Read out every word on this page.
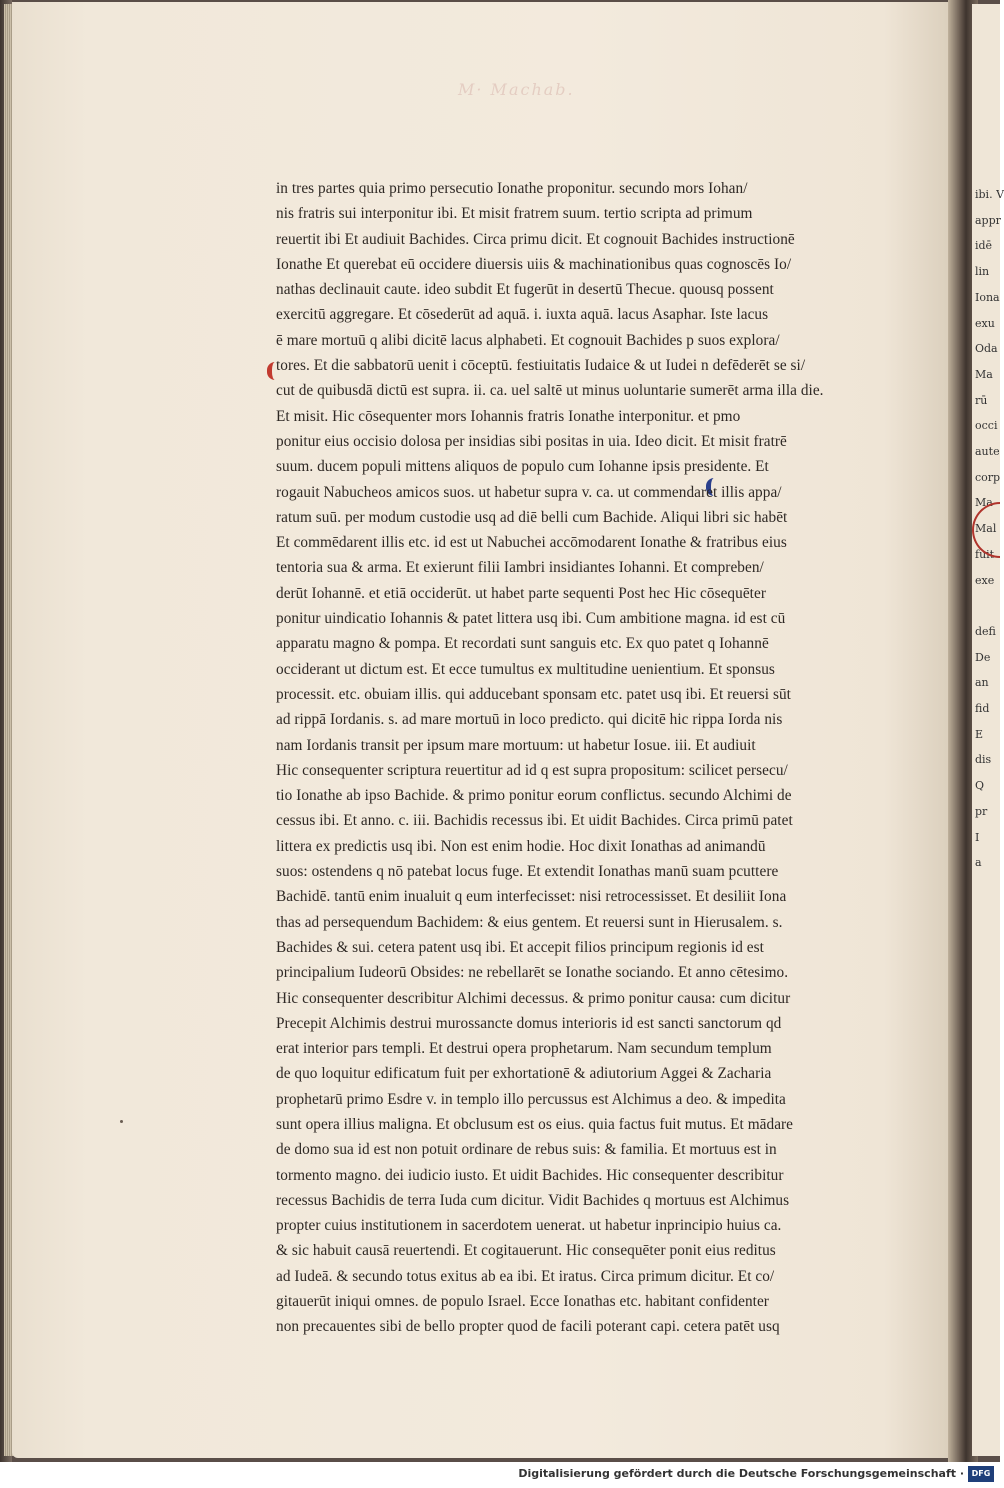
M· Machab.
ibi. V
appr
idē
lin
Iona
exu
Oda
Ma
rū
occi
aute
corp
Ma
Mal
fuit
exe

defi
De
an
fid
E
dis
Q
pr
I
a
in tres partes quia primo persecutio Ionathe proponitur. secundo mors Iohan/
nis fratris sui interponitur ibi. Et misit fratrem suum. tertio scripta ad primum
reuertit ibi Et audiuit Bachides. Circa primu dicit. Et cognouit Bachides instructionē
Ionathe Et querebat eū occidere diuersis uiis & machinationibus quas cognoscēs Io/
nathas declinauit caute. ideo subdit Et fugerūt in desertū Thecue. quousq possent
exercitū aggregare. Et cōsederūt ad aquā. i. iuxta aquā. lacus Asaphar. Iste lacus
ē mare mortuū q alibi dicitē lacus alphabeti. Et cognouit Bachides p suos explora/
tores. Et die sabbatorū uenit i cōceptū. festiuitatis Iudaice & ut Iudei n defēderēt se si/
cut de quibusdā dictū est supra. ii. ca. uel saltē ut minus uoluntarie sumerēt arma illa die.
Et misit. Hic cōsequenter mors Iohannis fratris Ionathe interponitur. et pmo
ponitur eius occisio dolosa per insidias sibi positas in uia. Ideo dicit. Et misit fratrē
suum. ducem populi mittens aliquos de populo cum Iohanne ipsis presidente. Et
rogauit Nabucheos amicos suos. ut habetur supra v. ca. ut commendaret illis appa/
ratum suū. per modum custodie usq ad diē belli cum Bachide. Aliqui libri sic habēt
Et commēdarent illis etc. id est ut Nabuchei accōmodarent Ionathe & fratribus eius
tentoria sua & arma. Et exierunt filii Iambri insidiantes Iohanni. Et compreben/
derūt Iohannē. et etiā occiderūt. ut habet parte sequenti Post hec Hic cōsequēter
ponitur uindicatio Iohannis & patet littera usq ibi. Cum ambitione magna. id est cū
apparatu magno & pompa. Et recordati sunt sanguis etc. Ex quo patet q Iohannē
occiderant ut dictum est. Et ecce tumultus ex multitudine uenientium. Et sponsus
processit. etc. obuiam illis. qui adducebant sponsam etc. patet usq ibi. Et reuersi sūt
ad rippā Iordanis. s. ad mare mortuū in loco predicto. qui dicitē hic rippa Iorda nis
nam Iordanis transit per ipsum mare mortuum: ut habetur Iosue. iii. Et audiuit
Hic consequenter scriptura reuertitur ad id q est supra propositum: scilicet persecu/
tio Ionathe ab ipso Bachide. & primo ponitur eorum conflictus. secundo Alchimi de
cessus ibi. Et anno. c. iii. Bachidis recessus ibi. Et uidit Bachides. Circa primū patet
littera ex predictis usq ibi. Non est enim hodie. Hoc dixit Ionathas ad animandū
suos: ostendens q nō patebat locus fuge. Et extendit Ionathas manū suam pcuttere
Bachidē. tantū enim inualuit q eum interfecisset: nisi retrocessisset. Et desiliit Iona
thas ad persequendum Bachidem: & eius gentem. Et reuersi sunt in Hierusalem. s.
Bachides & sui. cetera patent usq ibi. Et accepit filios principum regionis id est
principalium Iudeorū Obsides: ne rebellarēt se Ionathe sociando. Et anno cētesimo.
Hic consequenter describitur Alchimi decessus. & primo ponitur causa: cum dicitur
Precepit Alchimis destrui murossancte domus interioris id est sancti sanctorum qd
erat interior pars templi. Et destrui opera prophetarum. Nam secundum templum
de quo loquitur edificatum fuit per exhortationē & adiutorium Aggei & Zacharia
prophetarū primo Esdre v. in templo illo percussus est Alchimus a deo. & impedita
sunt opera illius maligna. Et obclusum est os eius. quia factus fuit mutus. Et mādare
de domo sua id est non potuit ordinare de rebus suis: & familia. Et mortuus est in
tormento magno. dei iudicio iusto. Et uidit Bachides. Hic consequenter describitur
recessus Bachidis de terra Iuda cum dicitur. Vidit Bachides q mortuus est Alchimus
propter cuius institutionem in sacerdotem uenerat. ut habetur inprincipio huius ca.
& sic habuit causā reuertendi. Et cogitauerunt. Hic consequēter ponit eius reditus
ad Iudeā. & secundo totus exitus ab ea ibi. Et iratus. Circa primum dicitur. Et co/
gitauerūt iniqui omnes. de populo Israel. Ecce Ionathas etc. habitant confidenter
non precauentes sibi de bello propter quod de facili poterant capi. cetera patēt usq
Digitalisierung gefördert durch die Deutsche Forschungsgemeinschaft · DFG
